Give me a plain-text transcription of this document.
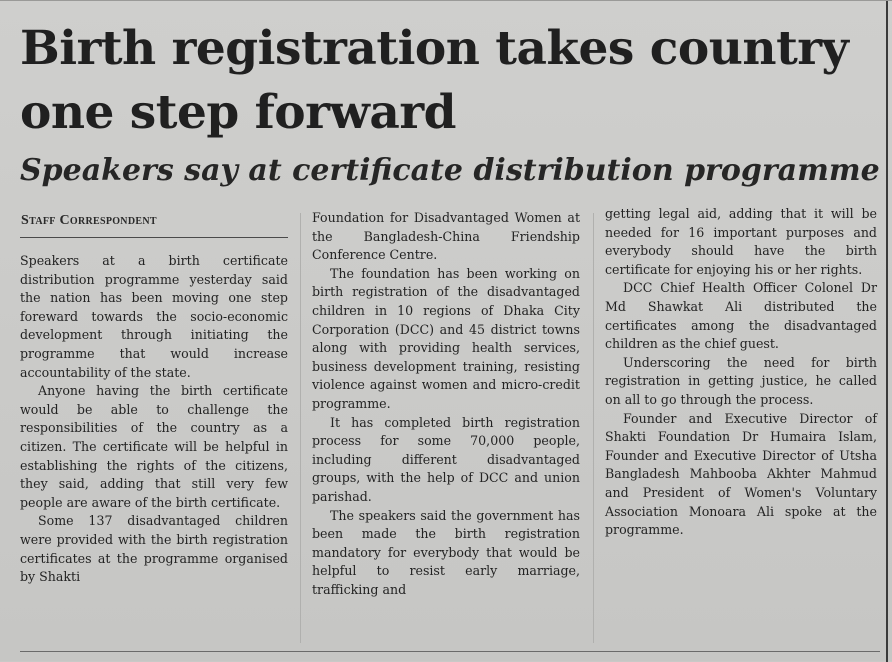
Birth registration takes country one step forward
Speakers say at certificate distribution programme
Staff Correspondent

Speakers at a birth certificate distribution programme yesterday said the nation has been moving one step foreward towards the socio-economic development through initiating the programme that would increase accountability of the state.

Anyone having the birth certificate would be able to challenge the responsibilities of the country as a citizen. The certificate will be helpful in establishing the rights of the citizens, they said, adding that still very few people are aware of the birth certificate.

Some 137 disadvantaged children were provided with the birth registration certificates at the programme organised by Shakti

Foundation for Disadvantaged Women at the Bangladesh-China Friendship Conference Centre.

The foundation has been working on birth registration of the disadvantaged children in 10 regions of Dhaka City Corporation (DCC) and 45 district towns along with providing health services, business development training, resisting violence against women and micro-credit programme.

It has completed birth registration process for some 70,000 people, including different disadvantaged groups, with the help of DCC and union parishad.

The speakers said the government has been made the birth registration mandatory for everybody that would be helpful to resist early marriage, trafficking and

getting legal aid, adding that it will be needed for 16 important purposes and everybody should have the birth certificate for enjoying his or her rights.

DCC Chief Health Officer Colonel Dr Md Shawkat Ali distributed the certificates among the disadvantaged children as the chief guest.

Underscoring the need for birth registration in getting justice, he called on all to go through the process.

Founder and Executive Director of Shakti Foundation Dr Humaira Islam, Founder and Executive Director of Utsha Bangladesh Mahbooba Akhter Mahmud and President of Women's Voluntary Association Monoara Ali spoke at the programme.
